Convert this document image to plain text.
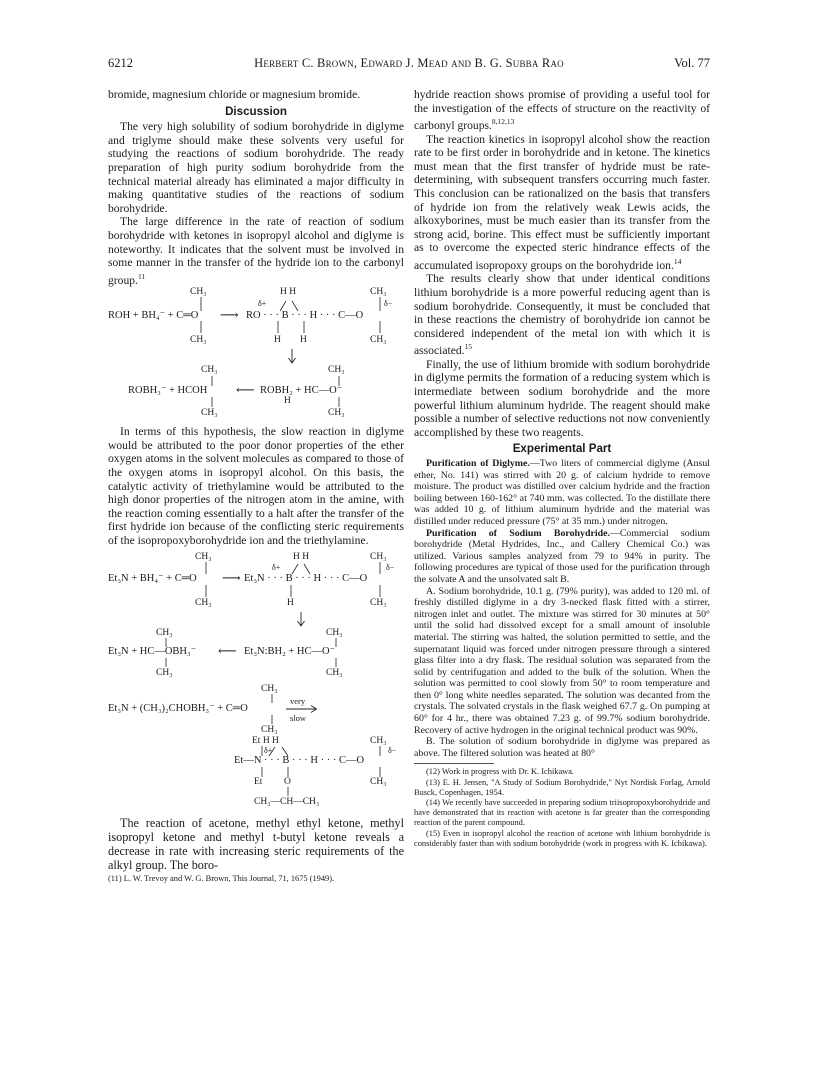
6212	Herbert C. Brown, Edward J. Mead and B. G. Subba Rao	Vol. 77

bromide, magnesium chloride or magnesium bromide.

Discussion

The very high solubility of sodium borohydride in diglyme and triglyme should make these solvents very useful for studying the reactions of sodium borohydride. The ready preparation of high purity sodium borohydride from the technical material already has eliminated a major difficulty in making quantitative studies of the reactions of sodium borohydride.

The large difference in the rate of reaction of sodium borohydride with ketones in isopropyl alcohol and diglyme is noteworthy. It indicates that the solvent must be involved in some manner in the transfer of the hydride ion to the carbonyl group.$^{11}$

CH₃

	H H

	CH₃

δ+

	δ−

ROH + BH₄⁻ + C═O

⟶

RO · · · B · · · H · · · C—O

CH₃

	H

H

	CH₃

CH₃

	CH₃

ROBH₃⁻ + HCOH

⟵

ROBH₂ + HC—O⁻

H

CH₃

	CH₃

In terms of this hypothesis, the slow reaction in diglyme would be attributed to the poor donor properties of the ether oxygen atoms in the solvent molecules as compared to those of the oxygen atoms in isopropyl alcohol. On this basis, the catalytic activity of triethylamine would be attributed to the high donor properties of the nitrogen atom in the amine, with the reaction coming essentially to a halt after the transfer of the first hydride ion because of the conflicting steric requirements of the isopropoxyborohydride ion and the triethylamine.

CH₃

	H H

	CH₃

δ+

	δ−

Et₃N + BH₄⁻ + C═O

⟶

Et₃N · · · B · · · H · · · C—O

CH₃

	H

	CH₃

CH₃

	CH₃

Et₃N + HC—OBH₃⁻

⟵

Et₃N:BH₂ + HC—O⁻

CH₃

	CH₃

CH₃

Et₃N + (CH₃)₂CHOBH₃⁻ + C═O

very

slow

CH₃

Et H H

	CH₃

δ+

	δ−

Et—N · · · B · · · H · · · C—O

Et

O

	CH₃

CH₃—CH—CH₃

The reaction of acetone, methyl ethyl ketone, methyl isopropyl ketone and methyl t-butyl ketone reveals a decrease in rate with increasing steric requirements of the alkyl group. The boro-

(11) L. W. Trevoy and W. G. Brown, This Journal, 71, 1675 (1949).

hydride reaction shows promise of providing a useful tool for the investigation of the effects of structure on the reactivity of carbonyl groups.$^{8,12,13}$

The reaction kinetics in isopropyl alcohol show the reaction rate to be first order in borohydride and in ketone. The kinetics must mean that the first transfer of hydride must be rate-determining, with subsequent transfers occurring much faster. This conclusion can be rationalized on the basis that transfers of hydride ion from the relatively weak Lewis acids, the alkoxyborines, must be much easier than its transfer from the strong acid, borine. This effect must be sufficiently important as to overcome the expected steric hindrance effects of the accumulated isopropoxy groups on the borohydride ion.$^{14}$

The results clearly show that under identical conditions lithium borohydride is a more powerful reducing agent than is sodium borohydride. Consequently, it must be concluded that in these reactions the chemistry of borohydride ion cannot be considered independent of the metal ion with which it is associated.$^{15}$

Finally, the use of lithium bromide with sodium borohydride in diglyme permits the formation of a reducing system which is intermediate between sodium borohydride and the more powerful lithium aluminum hydride. The reagent should make possible a number of selective reductions not now conveniently accomplished by these two reagents.

Experimental Part

Purification of Diglyme.—Two liters of commercial diglyme (Ansul ether, No. 141) was stirred with 20 g. of calcium hydride to remove moisture. The product was distilled over calcium hydride and the fraction boiling between 160-162° at 740 mm. was collected. To the distillate there was added 10 g. of lithium aluminum hydride and the material was distilled under reduced pressure (75° at 35 mm.) under nitrogen.

Purification of Sodium Borohydride.—Commercial sodium borohydride (Metal Hydrides, Inc., and Callery Chemical Co.) was utilized. Various samples analyzed from 79 to 94% in purity. The following procedures are typical of those used for the purification through the solvate A and the unsolvated salt B.

A. Sodium borohydride, 10.1 g. (79% purity), was added to 120 ml. of freshly distilled diglyme in a dry 3-necked flask fitted with a stirrer, nitrogen inlet and outlet. The mixture was stirred for 30 minutes at 50° until the solid had dissolved except for a small amount of insoluble material. The stirring was halted, the solution permitted to settle, and the supernatant liquid was forced under nitrogen pressure through a sintered glass filter into a dry flask. The residual solution was separated from the solid by centrifugation and added to the bulk of the solution. When the solution was permitted to cool slowly from 50° to room temperature and then 0° long white needles separated. The solution was decanted from the crystals. The solvated crystals in the flask weighed 67.7 g. On pumping at 60° for 4 hr., there was obtained 7.23 g. of 99.7% sodium borohydride. Recovery of active hydrogen in the original technical product was 90%.

B. The solution of sodium borohydride in diglyme was prepared as above. The filtered solution was heated at 80°

(12) Work in progress with Dr. K. Ichikawa.

(13) E. H. Jensen, "A Study of Sodium Borohydride," Nyt Nordisk Forlag, Arnold Busck, Copenhagen, 1954.

(14) We recently have succeeded in preparing sodium triisopropoxyborohydride and have demonstrated that its reaction with acetone is far greater than the corresponding reaction of the parent compound.

(15) Even in isopropyl alcohol the reaction of acetone with lithium borohydride is considerably faster than with sodium borohydride (work in progress with K. Ichikawa).
